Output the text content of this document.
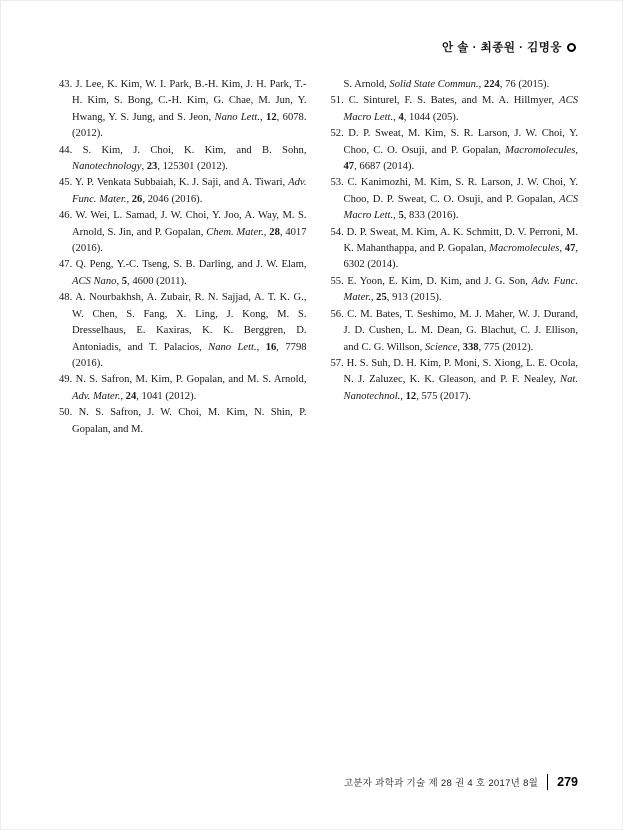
안 솔 · 최종원 · 김명웅
43. J. Lee, K. Kim, W. I. Park, B.-H. Kim, J. H. Park, T.-H. Kim, S. Bong, C.-H. Kim, G. Chae, M. Jun, Y. Hwang, Y. S. Jung, and S. Jeon, Nano Lett., 12, 6078. (2012).
44. S. Kim, J. Choi, K. Kim, and B. Sohn, Nanotechnology, 23, 125301 (2012).
45. Y. P. Venkata Subbaiah, K. J. Saji, and A. Tiwari, Adv. Func. Mater., 26, 2046 (2016).
46. W. Wei, L. Samad, J. W. Choi, Y. Joo, A. Way, M. S. Arnold, S. Jin, and P. Gopalan, Chem. Mater., 28, 4017 (2016).
47. Q. Peng, Y.-C. Tseng, S. B. Darling, and J. W. Elam, ACS Nano, 5, 4600 (2011).
48. A. Nourbakhsh, A. Zubair, R. N. Sajjad, A. T. K. G., W. Chen, S. Fang, X. Ling, J. Kong, M. S. Dresselhaus, E. Kaxiras, K. K. Berggren, D. Antoniadis, and T. Palacios, Nano Lett., 16, 7798 (2016).
49. N. S. Safron, M. Kim, P. Gopalan, and M. S. Arnold, Adv. Mater., 24, 1041 (2012).
50. N. S. Safron, J. W. Choi, M. Kim, N. Shin, P. Gopalan, and M.
S. Arnold, Solid State Commun., 224, 76 (2015).
51. C. Sinturel, F. S. Bates, and M. A. Hillmyer, ACS Macro Lett., 4, 1044 (205).
52. D. P. Sweat, M. Kim, S. R. Larson, J. W. Choi, Y. Choo, C. O. Osuji, and P. Gopalan, Macromolecules, 47, 6687 (2014).
53. C. Kanimozhi, M. Kim, S. R. Larson, J. W. Choi, Y. Choo, D. P. Sweat, C. O. Osuji, and P. Gopalan, ACS Macro Lett., 5, 833 (2016).
54. D. P. Sweat, M. Kim, A. K. Schmitt, D. V. Perroni, M. K. Mahanthappa, and P. Gopalan, Macromolecules, 47, 6302 (2014).
55. E. Yoon, E. Kim, D. Kim, and J. G. Son, Adv. Func. Mater., 25, 913 (2015).
56. C. M. Bates, T. Seshimo, M. J. Maher, W. J. Durand, J. D. Cushen, L. M. Dean, G. Blachut, C. J. Ellison, and C. G. Willson, Science, 338, 775 (2012).
57. H. S. Suh, D. H. Kim, P. Moni, S. Xiong, L. E. Ocola, N. J. Zaluzec, K. K. Gleason, and P. F. Nealey, Nat. Nanotechnol., 12, 575 (2017).
고분자 과학과 기술 제 28 권 4 호 2017년 8월	279
